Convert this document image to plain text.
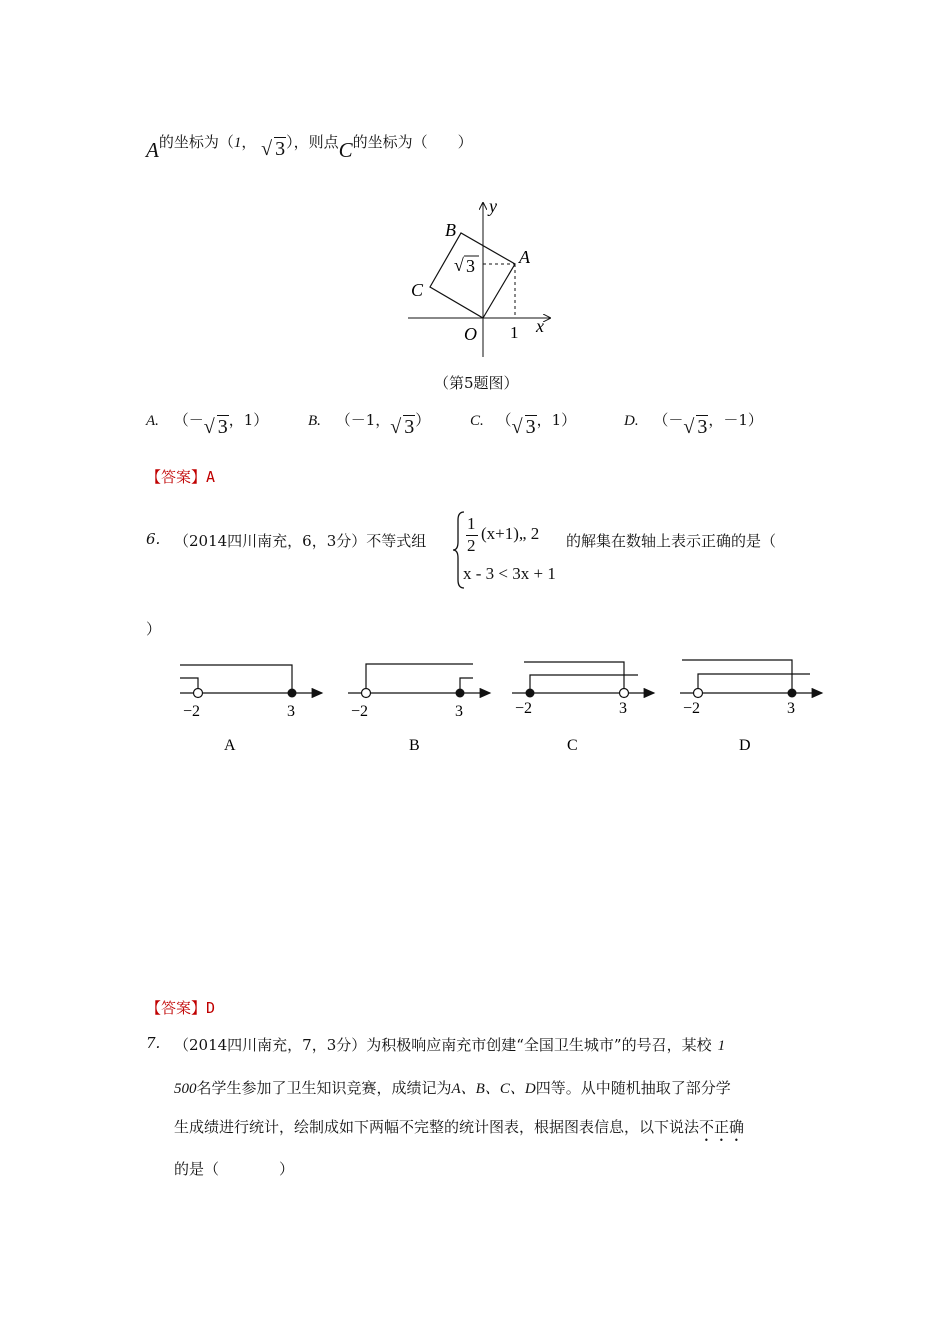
A的坐标为（1， √ 3），则点C的坐标为（　　）
B
A
C
O	x
y
1
√ 3
（第5题图）
A. （－ √ 3，1）	B. （－1， √ 3）	C. （ √ 3，1）	D. （－ √ 3，－1）
【答案】A
6. （2014四川南充，6，3分）不等式组
1
2
(x+1)„ 2
x - 3 < 3x + 1
的解集在数轴上表示正确的是（
）
−2	3
A
−2	3
B
−2	3
C
−2	3
D
【答案】D
7. （2014四川南充，7，3分）为积极响应南充市创建“全国卫生城市”的号召，某校 1
500名学生参加了卫生知识竞赛，成绩记为A、B、C、D四等。从中随机抽取了部分学
生成绩进行统计，绘制成如下两幅不完整的统计图表，根据图表信息，以下说法不正确
的是（　　　　）
